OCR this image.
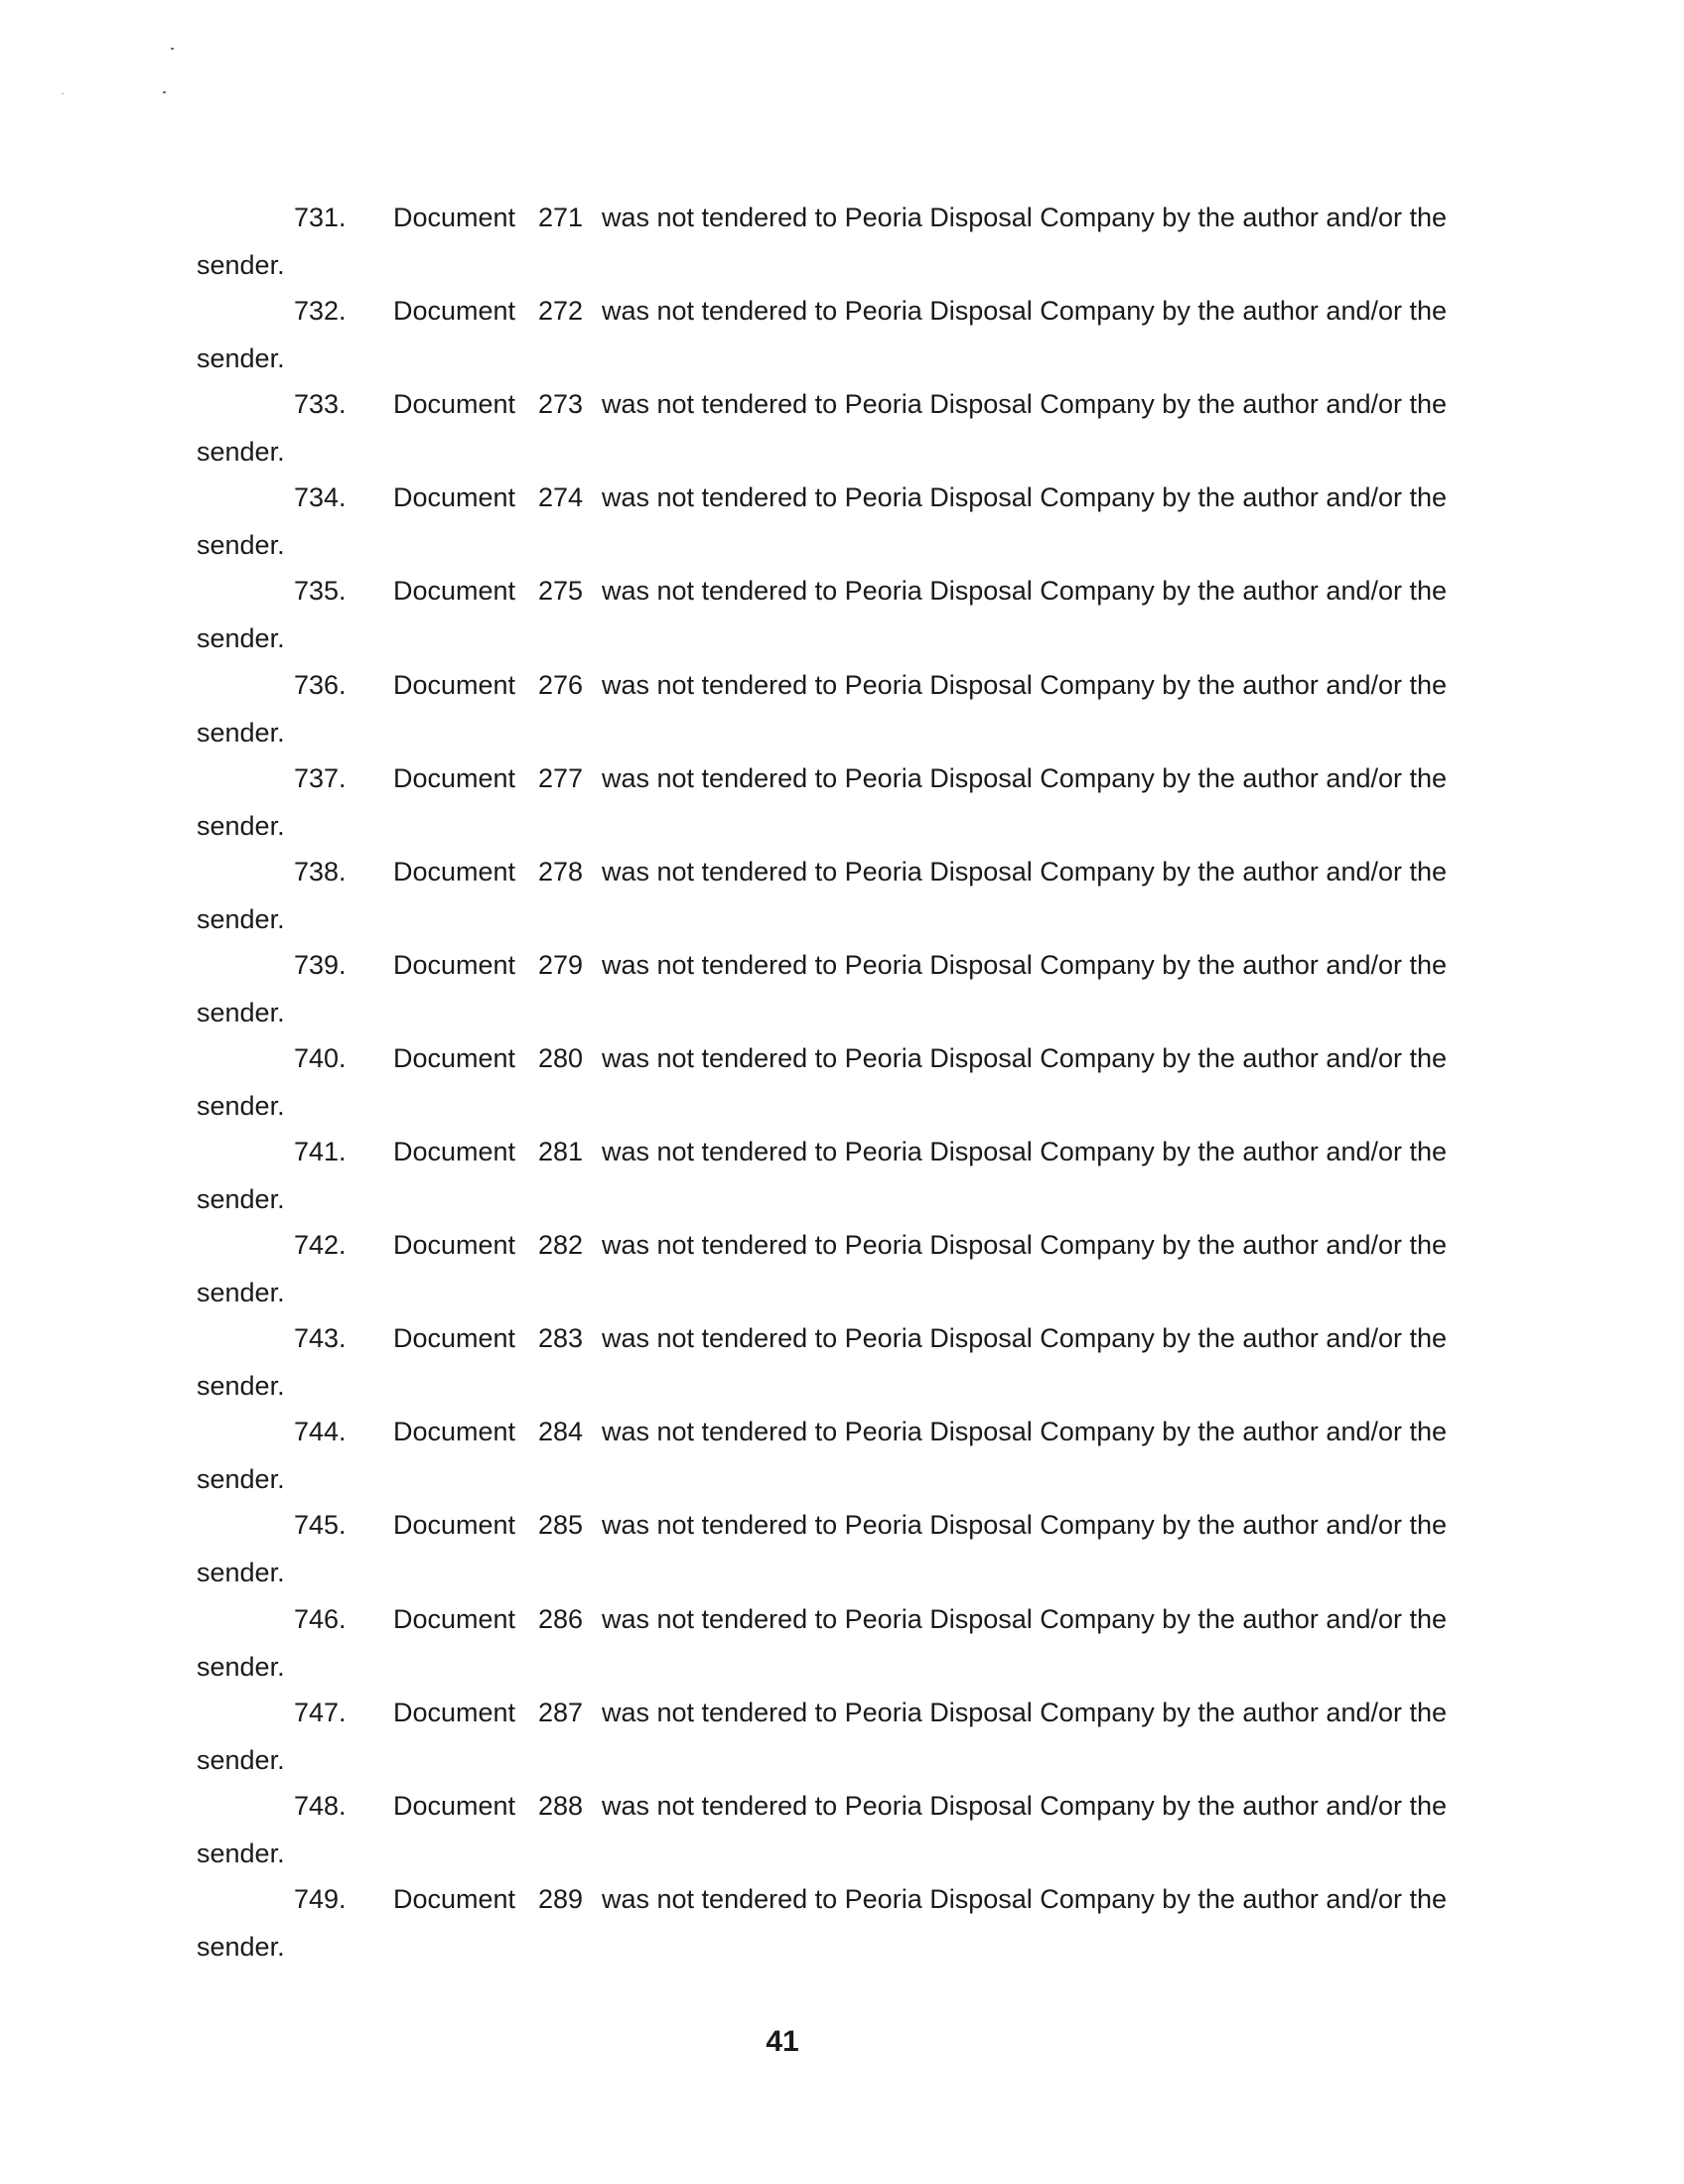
731. Document 271 was not tendered to Peoria Disposal Company by the author and/or the
sender.
732. Document 272 was not tendered to Peoria Disposal Company by the author and/or the
sender.
733. Document 273 was not tendered to Peoria Disposal Company by the author and/or the
sender.
734. Document 274 was not tendered to Peoria Disposal Company by the author and/or the
sender.
735. Document 275 was not tendered to Peoria Disposal Company by the author and/or the
sender.
736. Document 276 was not tendered to Peoria Disposal Company by the author and/or the
sender.
737. Document 277 was not tendered to Peoria Disposal Company by the author and/or the
sender.
738. Document 278 was not tendered to Peoria Disposal Company by the author and/or the
sender.
739. Document 279 was not tendered to Peoria Disposal Company by the author and/or the
sender.
740. Document 280 was not tendered to Peoria Disposal Company by the author and/or the
sender.
741. Document 281 was not tendered to Peoria Disposal Company by the author and/or the
sender.
742. Document 282 was not tendered to Peoria Disposal Company by the author and/or the
sender.
743. Document 283 was not tendered to Peoria Disposal Company by the author and/or the
sender.
744. Document 284 was not tendered to Peoria Disposal Company by the author and/or the
sender.
745. Document 285 was not tendered to Peoria Disposal Company by the author and/or the
sender.
746. Document 286 was not tendered to Peoria Disposal Company by the author and/or the
sender.
747. Document 287 was not tendered to Peoria Disposal Company by the author and/or the
sender.
748. Document 288 was not tendered to Peoria Disposal Company by the author and/or the
sender.
749. Document 289 was not tendered to Peoria Disposal Company by the author and/or the
sender.
41
